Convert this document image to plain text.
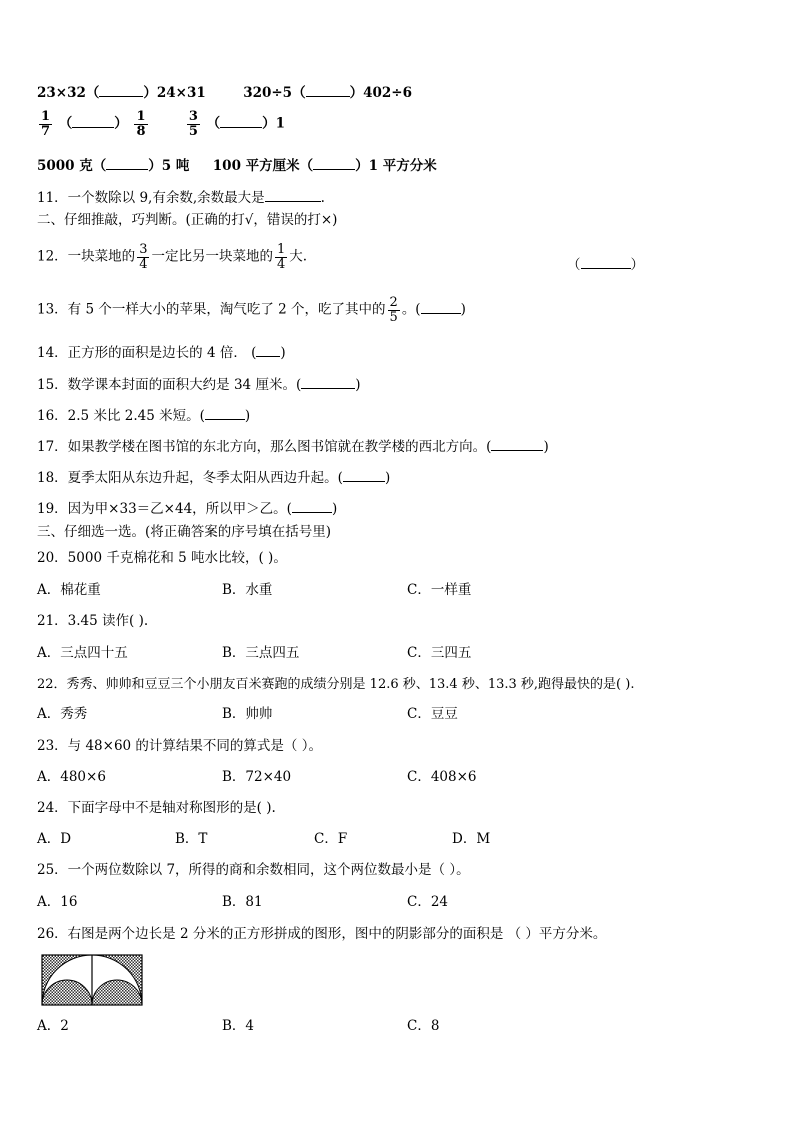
23×32（	）24×31	320÷5（	）402÷6
$\frac{1}{7}$ （	） $\frac{1}{8}$
	$\frac{3}{5}$ （	）1
5000 克（	）5 吨 100 平方厘米（	）1 平方分米
11．一个数除以 9,有余数,余数最大是	.
二、仔细推敲，巧判断。(正确的打√，错误的打×)
12．一块菜地的 $\frac{3}{4}$ 一定比另一块菜地的 $\frac{1}{4}$ 大.
（	）
13．有 5 个一样大小的苹果，淘气吃了 2 个，吃了其中的 $\frac{2}{5}$ 。(	)
14．正方形的面积是边长的 4 倍． ( )
15．数学课本封面的面积大约是 34 厘米。(	)
16．2.5 米比 2.45 米短。(	)
17．如果教学楼在图书馆的东北方向，那么图书馆就在教学楼的西北方向。(	)
18．夏季太阳从东边升起，冬季太阳从西边升起。(	)
19．因为甲×33＝乙×44，所以甲＞乙。(	)
三、仔细选一选。(将正确答案的序号填在括号里)
20．5000 千克棉花和 5 吨水比较，( )。
A．棉花重	B．水重	C．一样重
21．3.45 读作( ).
A．三点四十五	B．三点四五	C．三四五
22．秀秀、帅帅和豆豆三个小朋友百米赛跑的成绩分别是 12.6 秒、13.4 秒、13.3 秒,跑得最快的是( ).
A．秀秀	B．帅帅	C．豆豆
23．与 48×60 的计算结果不同的算式是（ ）。
A．480×6	B．72×40	C．408×6
24．下面字母中不是轴对称图形的是( ).
A．D	B．T	C．F	D．M
25．一个两位数除以 7，所得的商和余数相同，这个两位数最小是（ ）。
A．16	B．81	C．24
26．右图是两个边长是 2 分米的正方形拼成的图形，图中的阴影部分的面积是 （ ）平方分米。
A．2	B．4	C．8
